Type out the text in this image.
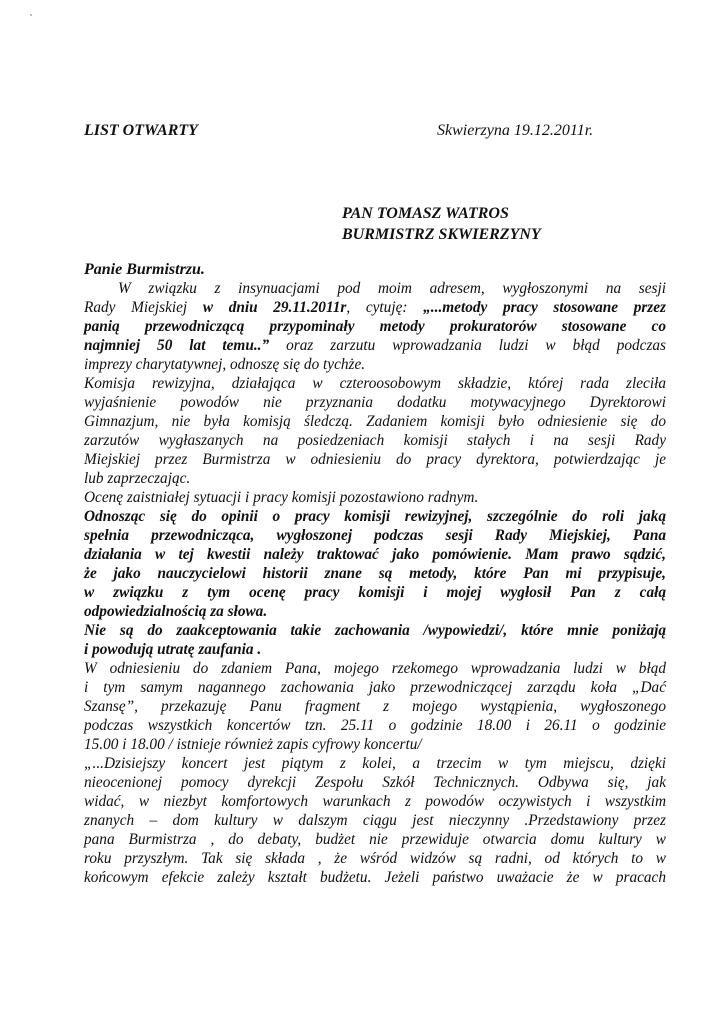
LIST OTWARTY	Skwierzyna 19.12.2011r.
PAN TOMASZ WATROS
BURMISTRZ SKWIERZYNY
Panie Burmistrzu.
W związku z insynuacjami pod moim adresem, wygłoszonymi na sesji
Rady Miejskiej w dniu 29.11.2011r, cytuję: „...metody pracy stosowane przez
panią przewodniczącą przypominały metody prokuratorów stosowane co
najmniej 50 lat temu..” oraz zarzutu wprowadzania ludzi w błąd podczas
imprezy charytatywnej, odnoszę się do tychże.
Komisja rewizyjna, działająca w czteroosobowym składzie, której rada zleciła
wyjaśnienie powodów nie przyznania dodatku motywacyjnego Dyrektorowi
Gimnazjum, nie była komisją śledczą. Zadaniem komisji było odniesienie się do
zarzutów wygłaszanych na posiedzeniach komisji stałych i na sesji Rady
Miejskiej przez Burmistrza w odniesieniu do pracy dyrektora, potwierdzając je
lub zaprzeczając.
Ocenę zaistniałej sytuacji i pracy komisji pozostawiono radnym.
Odnosząc się do opinii o pracy komisji rewizyjnej, szczególnie do roli jaką
spełnia przewodnicząca, wygłoszonej podczas sesji Rady Miejskiej, Pana
działania w tej kwestii należy traktować jako pomówienie. Mam prawo sądzić,
że jako nauczycielowi historii znane są metody, które Pan mi przypisuje,
w związku z tym ocenę pracy komisji i mojej wygłosił Pan z całą
odpowiedzialnością za słowa.
Nie są do zaakceptowania takie zachowania /wypowiedzi/, które mnie poniżają
i powodują utratę zaufania .
W odniesieniu do zdaniem Pana, mojego rzekomego wprowadzania ludzi w błąd
i tym samym nagannego zachowania jako przewodniczącej zarządu koła „Dać
Szansę”, przekazuję Panu fragment z mojego wystąpienia, wygłoszonego
podczas wszystkich koncertów tzn. 25.11 o godzinie 18.00 i 26.11 o godzinie
15.00 i 18.00 / istnieje również zapis cyfrowy koncertu/
„...Dzisiejszy koncert jest piątym z kolei, a trzecim w tym miejscu, dzięki
nieocenionej pomocy dyrekcji Zespołu Szkół Technicznych. Odbywa się, jak
widać, w niezbyt komfortowych warunkach z powodów oczywistych i wszystkim
znanych – dom kultury w dalszym ciągu jest nieczynny .Przedstawiony przez
pana Burmistrza , do debaty, budżet nie przewiduje otwarcia domu kultury w
roku przyszłym. Tak się składa , że wśród widzów są radni, od których to w
końcowym efekcie zależy kształt budżetu. Jeżeli państwo uważacie że w pracach
